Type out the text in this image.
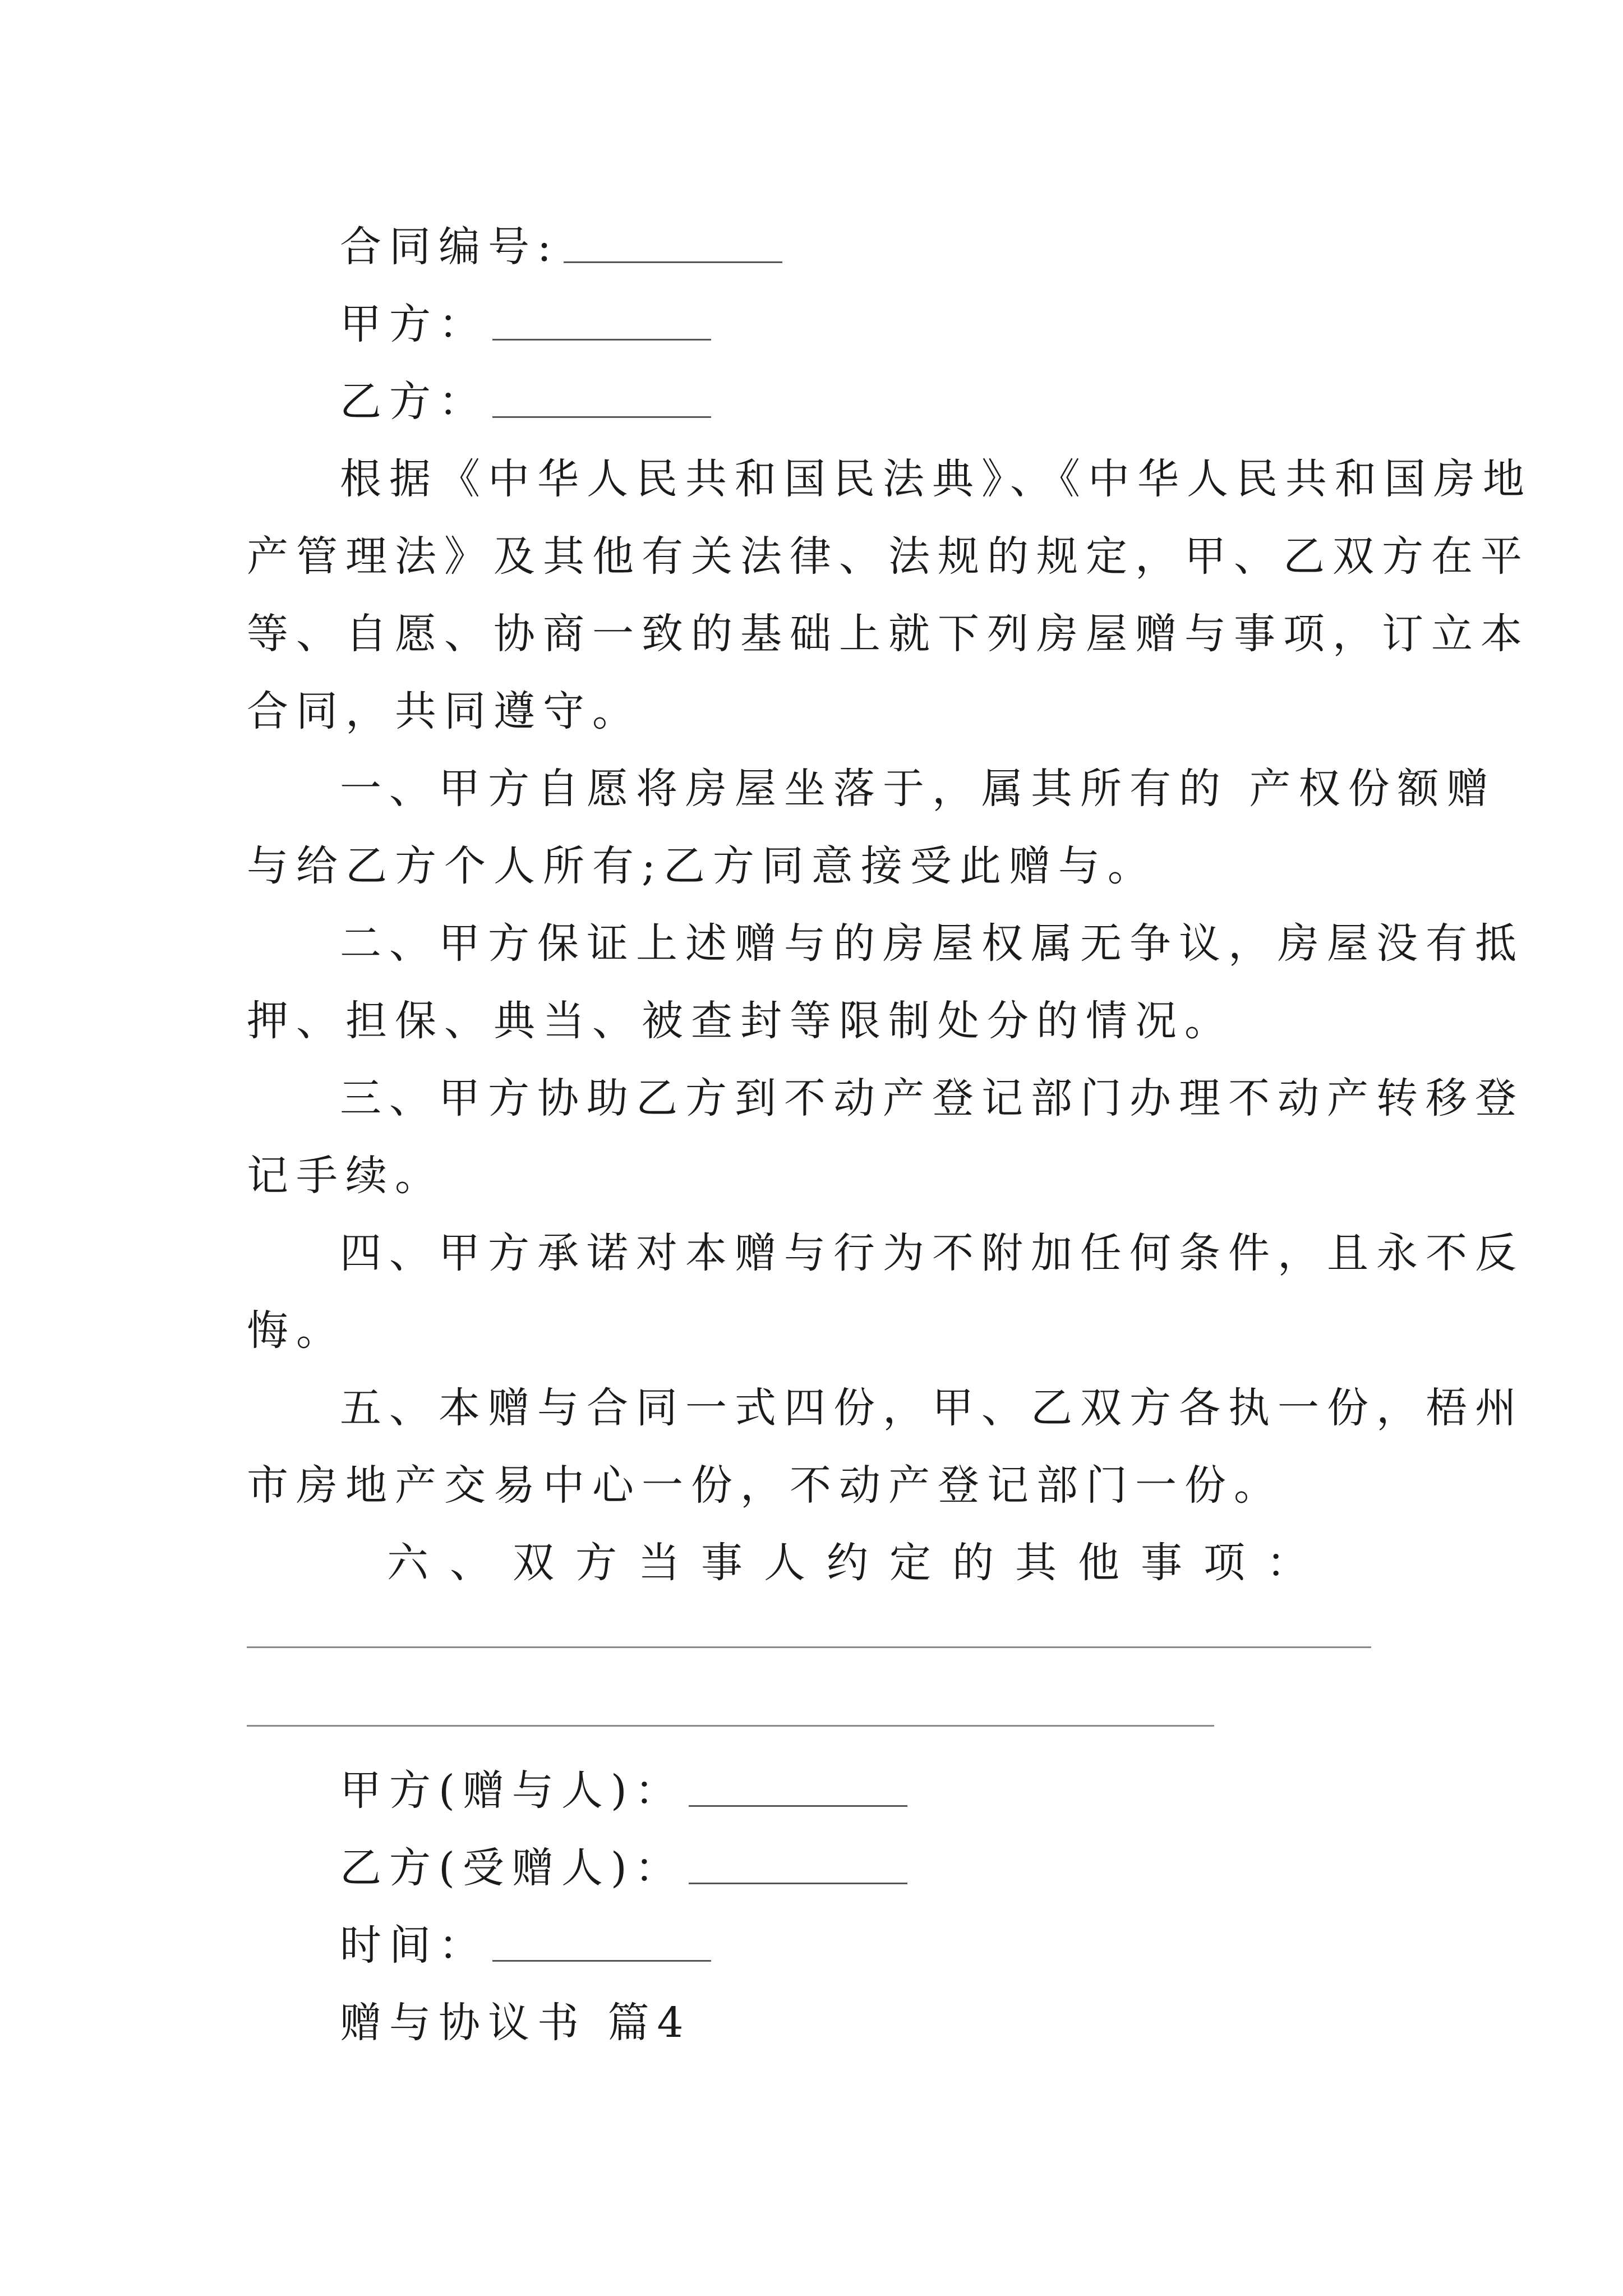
合同编号:
甲方：
乙方：
根据《中华人民共和国民法典》、《中华人民共和国房地
产管理法》及其他有关法律、法规的规定，甲、乙双方在平
等、自愿、协商一致的基础上就下列房屋赠与事项，订立本
合同，共同遵守。
一、甲方自愿将房屋坐落于，属其所有的 产权份额赠
与给乙方个人所有;乙方同意接受此赠与。
二、甲方保证上述赠与的房屋权属无争议，房屋没有抵
押、担保、典当、被查封等限制处分的情况。
三、甲方协助乙方到不动产登记部门办理不动产转移登
记手续。
四、甲方承诺对本赠与行为不附加任何条件，且永不反
悔。
五、本赠与合同一式四份，甲、乙双方各执一份，梧州
市房地产交易中心一份，不动产登记部门一份。
六、双方当事人约定的其他事项：
甲方(赠与人)：
乙方(受赠人)：
时间：
赠与协议书 篇4
